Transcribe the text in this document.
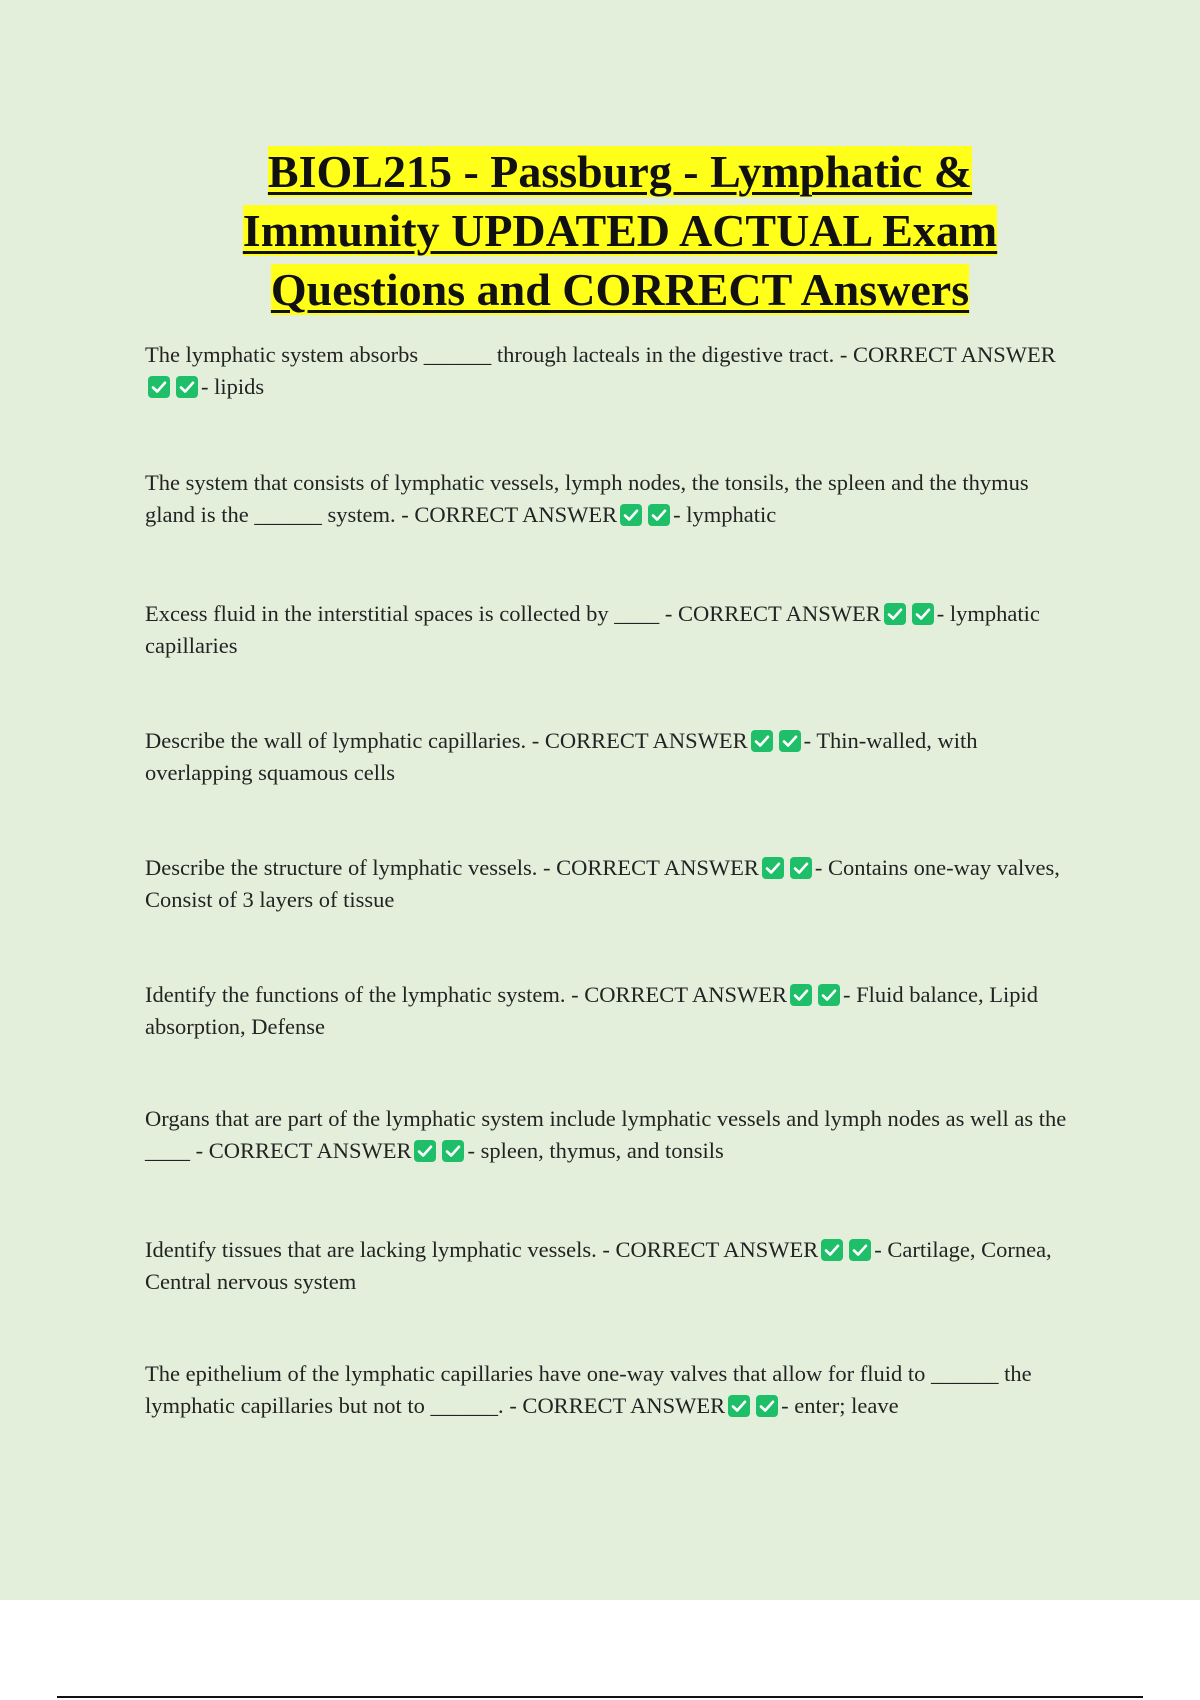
BIOL215 - Passburg - Lymphatic &
Immunity UPDATED ACTUAL Exam
Questions and CORRECT Answers
The lymphatic system absorbs ______ through lacteals in the digestive tract. - CORRECT ANSWER
- lipids
The system that consists of lymphatic vessels, lymph nodes, the tonsils, the spleen and the thymus gland is the ______ system. - CORRECT ANSWER - lymphatic
Excess fluid in the interstitial spaces is collected by ____ - CORRECT ANSWER - lymphatic capillaries
Describe the wall of lymphatic capillaries. - CORRECT ANSWER - Thin-walled, with overlapping squamous cells
Describe the structure of lymphatic vessels. - CORRECT ANSWER - Contains one-way valves, Consist of 3 layers of tissue
Identify the functions of the lymphatic system. - CORRECT ANSWER - Fluid balance, Lipid absorption, Defense
Organs that are part of the lymphatic system include lymphatic vessels and lymph nodes as well as the ____ - CORRECT ANSWER - spleen, thymus, and tonsils
Identify tissues that are lacking lymphatic vessels. - CORRECT ANSWER - Cartilage, Cornea, Central nervous system
The epithelium of the lymphatic capillaries have one-way valves that allow for fluid to ______ the lymphatic capillaries but not to ______. - CORRECT ANSWER - enter; leave
